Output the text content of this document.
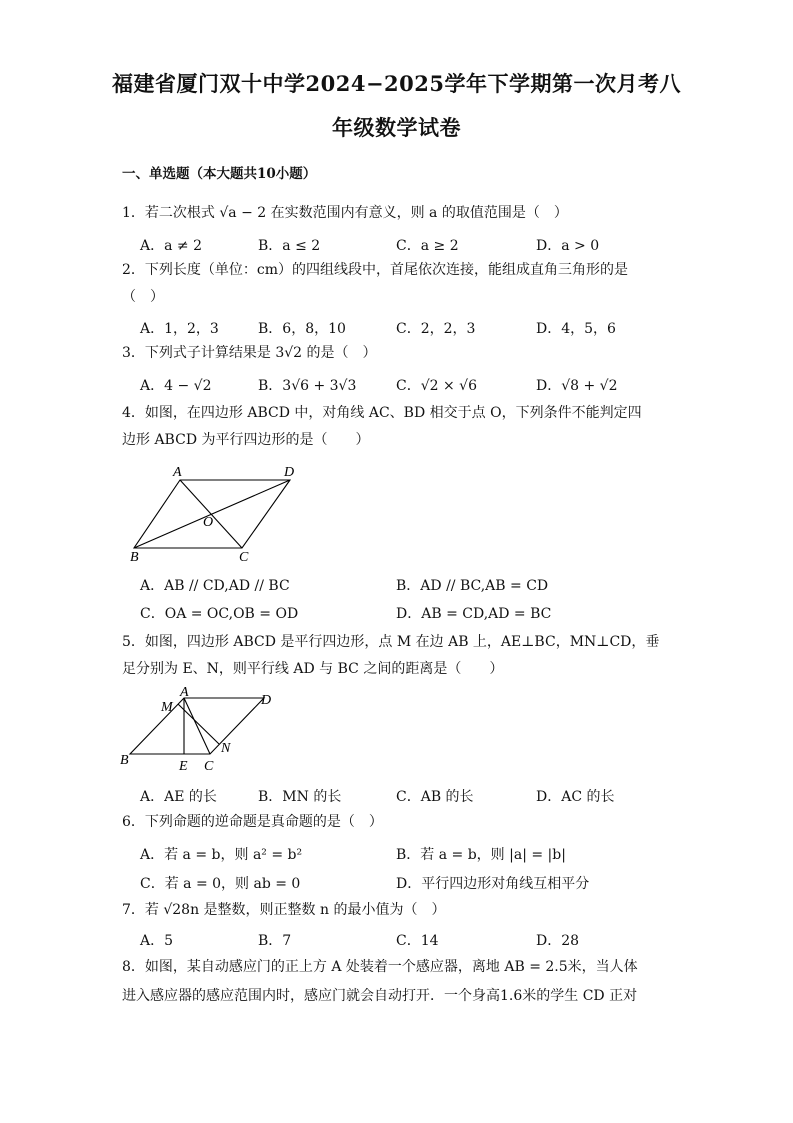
福建省厦门双十中学2024−2025学年下学期第一次月考八
年级数学试卷
一、单选题（本大题共10小题）
1．若二次根式 √a − 2 在实数范围内有意义，则 a 的取值范围是（　）
A．a ≠ 2	B．a ≤ 2	C．a ≥ 2	D．a > 0
2．下列长度（单位：cm）的四组线段中，首尾依次连接，能组成直角三角形的是
（　）
A．1，2，3	B．6，8，10	C．2，2，3	D．4，5，6
3．下列式子计算结果是 3√2 的是（　）
A．4 − √2	B．3√6 + 3√3	C．√2 × √6	D．√8 + √2
4．如图，在四边形 ABCD 中，对角线 AC、BD 相交于点 O，下列条件不能判定四
边形 ABCD 为平行四边形的是（　　）
A	D
O
B	C
A．AB // CD,AD // BC	B．AD // BC,AB = CD
C．OA = OC,OB = OD	D．AB = CD,AD = BC
5．如图，四边形 ABCD 是平行四边形，点 M 在边 AB 上，AE⊥BC，MN⊥CD，垂
足分别为 E、N，则平行线 AD 与 BC 之间的距离是（　　）
A
M	D
N
B	E C
A．AE 的长	B．MN 的长	C．AB 的长	D．AC 的长
6．下列命题的逆命题是真命题的是（　）
A．若 a = b，则 a² = b²	B．若 a = b，则 |a| = |b|
C．若 a = 0，则 ab = 0	D．平行四边形对角线互相平分
7．若 √28n 是整数，则正整数 n 的最小值为（　）
A．5	B．7	C．14	D．28
8．如图，某自动感应门的正上方 A 处装着一个感应器，离地 AB = 2.5米，当人体
进入感应器的感应范围内时，感应门就会自动打开．一个身高1.6米的学生 CD 正对
